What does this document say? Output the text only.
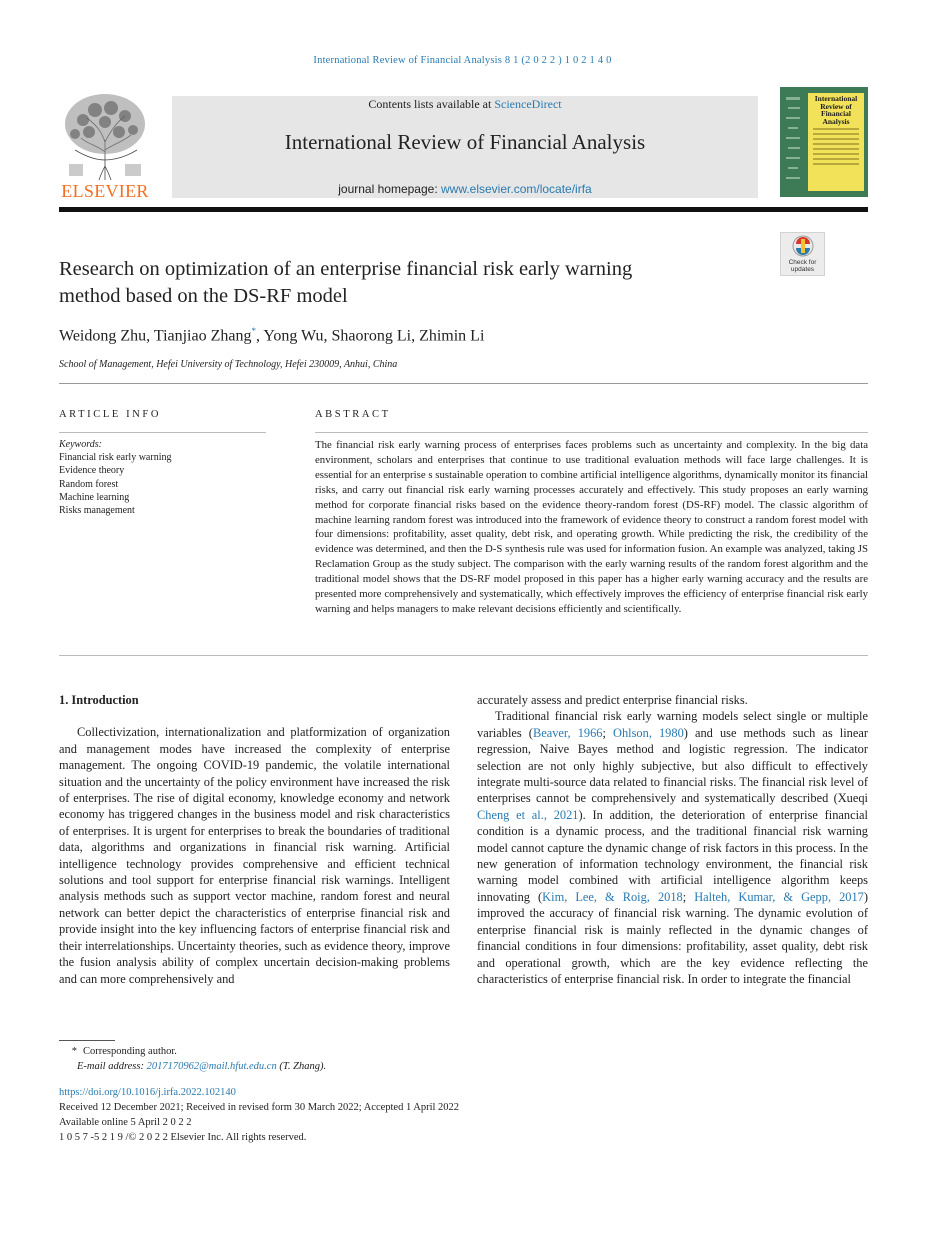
International Review of Financial Analysis 8 1 (2 0 2 2 ) 1 0 2 1 4 0
ELSEVIER
Contents lists available at ScienceDirect
International Review of Financial Analysis
journal homepage: www.elsevier.com/locate/irfa
International
Review of
Financial
Analysis
Check for
updates
Research on optimization of an enterprise financial risk early warning
method based on the DS-RF model
Weidong Zhu, Tianjiao Zhang*, Yong Wu, Shaorong Li, Zhimin Li
School of Management, Hefei University of Technology, Hefei 230009, Anhui, China
ARTICLE INFO
Keywords:
Financial risk early warning
Evidence theory
Random forest
Machine learning
Risks management
ABSTRACT
The financial risk early warning process of enterprises faces problems such as uncertainty and complexity. In the big data environment, scholars and enterprises that continue to use traditional evaluation methods will face large challenges. It is essential for an enterprise s sustainable operation to combine artificial intelligence algorithms, dynamically monitor its financial risks, and carry out financial risk early warning processes accurately and effectively. This study proposes an early warning method for corporate financial risks based on the evidence theory-random forest (DS-RF) model. The classic algorithm of machine learning random forest was introduced into the framework of evidence theory to construct a random forest model with four dimensions: profitability, asset quality, debt risk, and operating growth. While predicting the risk, the credibility of the evidence was determined, and then the D-S synthesis rule was used for information fusion. An example was analyzed, taking JS Reclamation Group as the study subject. The comparison with the early warning results of the random forest algorithm and the traditional model shows that the DS-RF model proposed in this paper has a higher early warning accuracy and the results are presented more comprehensively and systematically, which effectively improves the efficiency of enterprise financial risk early warning and helps managers to make relevant decisions efficiently and scientifically.
1. Introduction

Collectivization, internationalization and platformization of organization and management modes have increased the complexity of enterprise management. The ongoing COVID-19 pandemic, the volatile international situation and the uncertainty of the policy environment have increased the risk of enterprises. The rise of digital economy, knowledge economy and network economy has triggered changes in the business model and risk characteristics of enterprises. It is urgent for enterprises to break the boundaries of traditional data, algorithms and organizations in financial risk warning. Artificial intelligence technology provides comprehensive and efficient technical solutions and tool support for enterprise financial risk warnings. Intelligent analysis methods such as support vector machine, random forest and neural network can better depict the characteristics of enterprise financial risk and provide insight into the key influencing factors of enterprise financial risk and their interrelationships. Uncertainty theories, such as evidence theory, improve the fusion analysis ability of complex uncertain decision-making problems and can more comprehensively and

accurately assess and predict enterprise financial risks.

Traditional financial risk early warning models select single or multiple variables (Beaver, 1966; Ohlson, 1980) and use methods such as linear regression, Naive Bayes method and logistic regression. The indicator selection are not only highly subjective, but also difficult to effectively integrate multi-source data related to financial risks. The financial risk level of enterprises cannot be comprehensively and systematically described (Xueqi Cheng et al., 2021). In addition, the deterioration of enterprise financial condition is a dynamic process, and the traditional financial risk warning model cannot capture the dynamic change of risk factors in this process. In the new generation of information technology environment, the financial risk warning model combined with artificial intelligence algorithm keeps innovating (Kim, Lee, & Roig, 2018; Halteh, Kumar, & Gepp, 2017) improved the accuracy of financial risk warning. The dynamic evolution of enterprise financial risk is mainly reflected in the dynamic changes of financial conditions in four dimensions: profitability, asset quality, debt risk and operational growth, which are the key evidence reflecting the characteristics of enterprise financial risk. In order to integrate the financial

* Corresponding author.
E-mail address: 2017170962@mail.hfut.edu.cn (T. Zhang).
https://doi.org/10.1016/j.irfa.2022.102140
Received 12 December 2021; Received in revised form 30 March 2022; Accepted 1 April 2022
Available online 5 April 2 0 2 2
1 0 5 7 -5 2 1 9 /© 2 0 2 2 Elsevier Inc. All rights reserved.
